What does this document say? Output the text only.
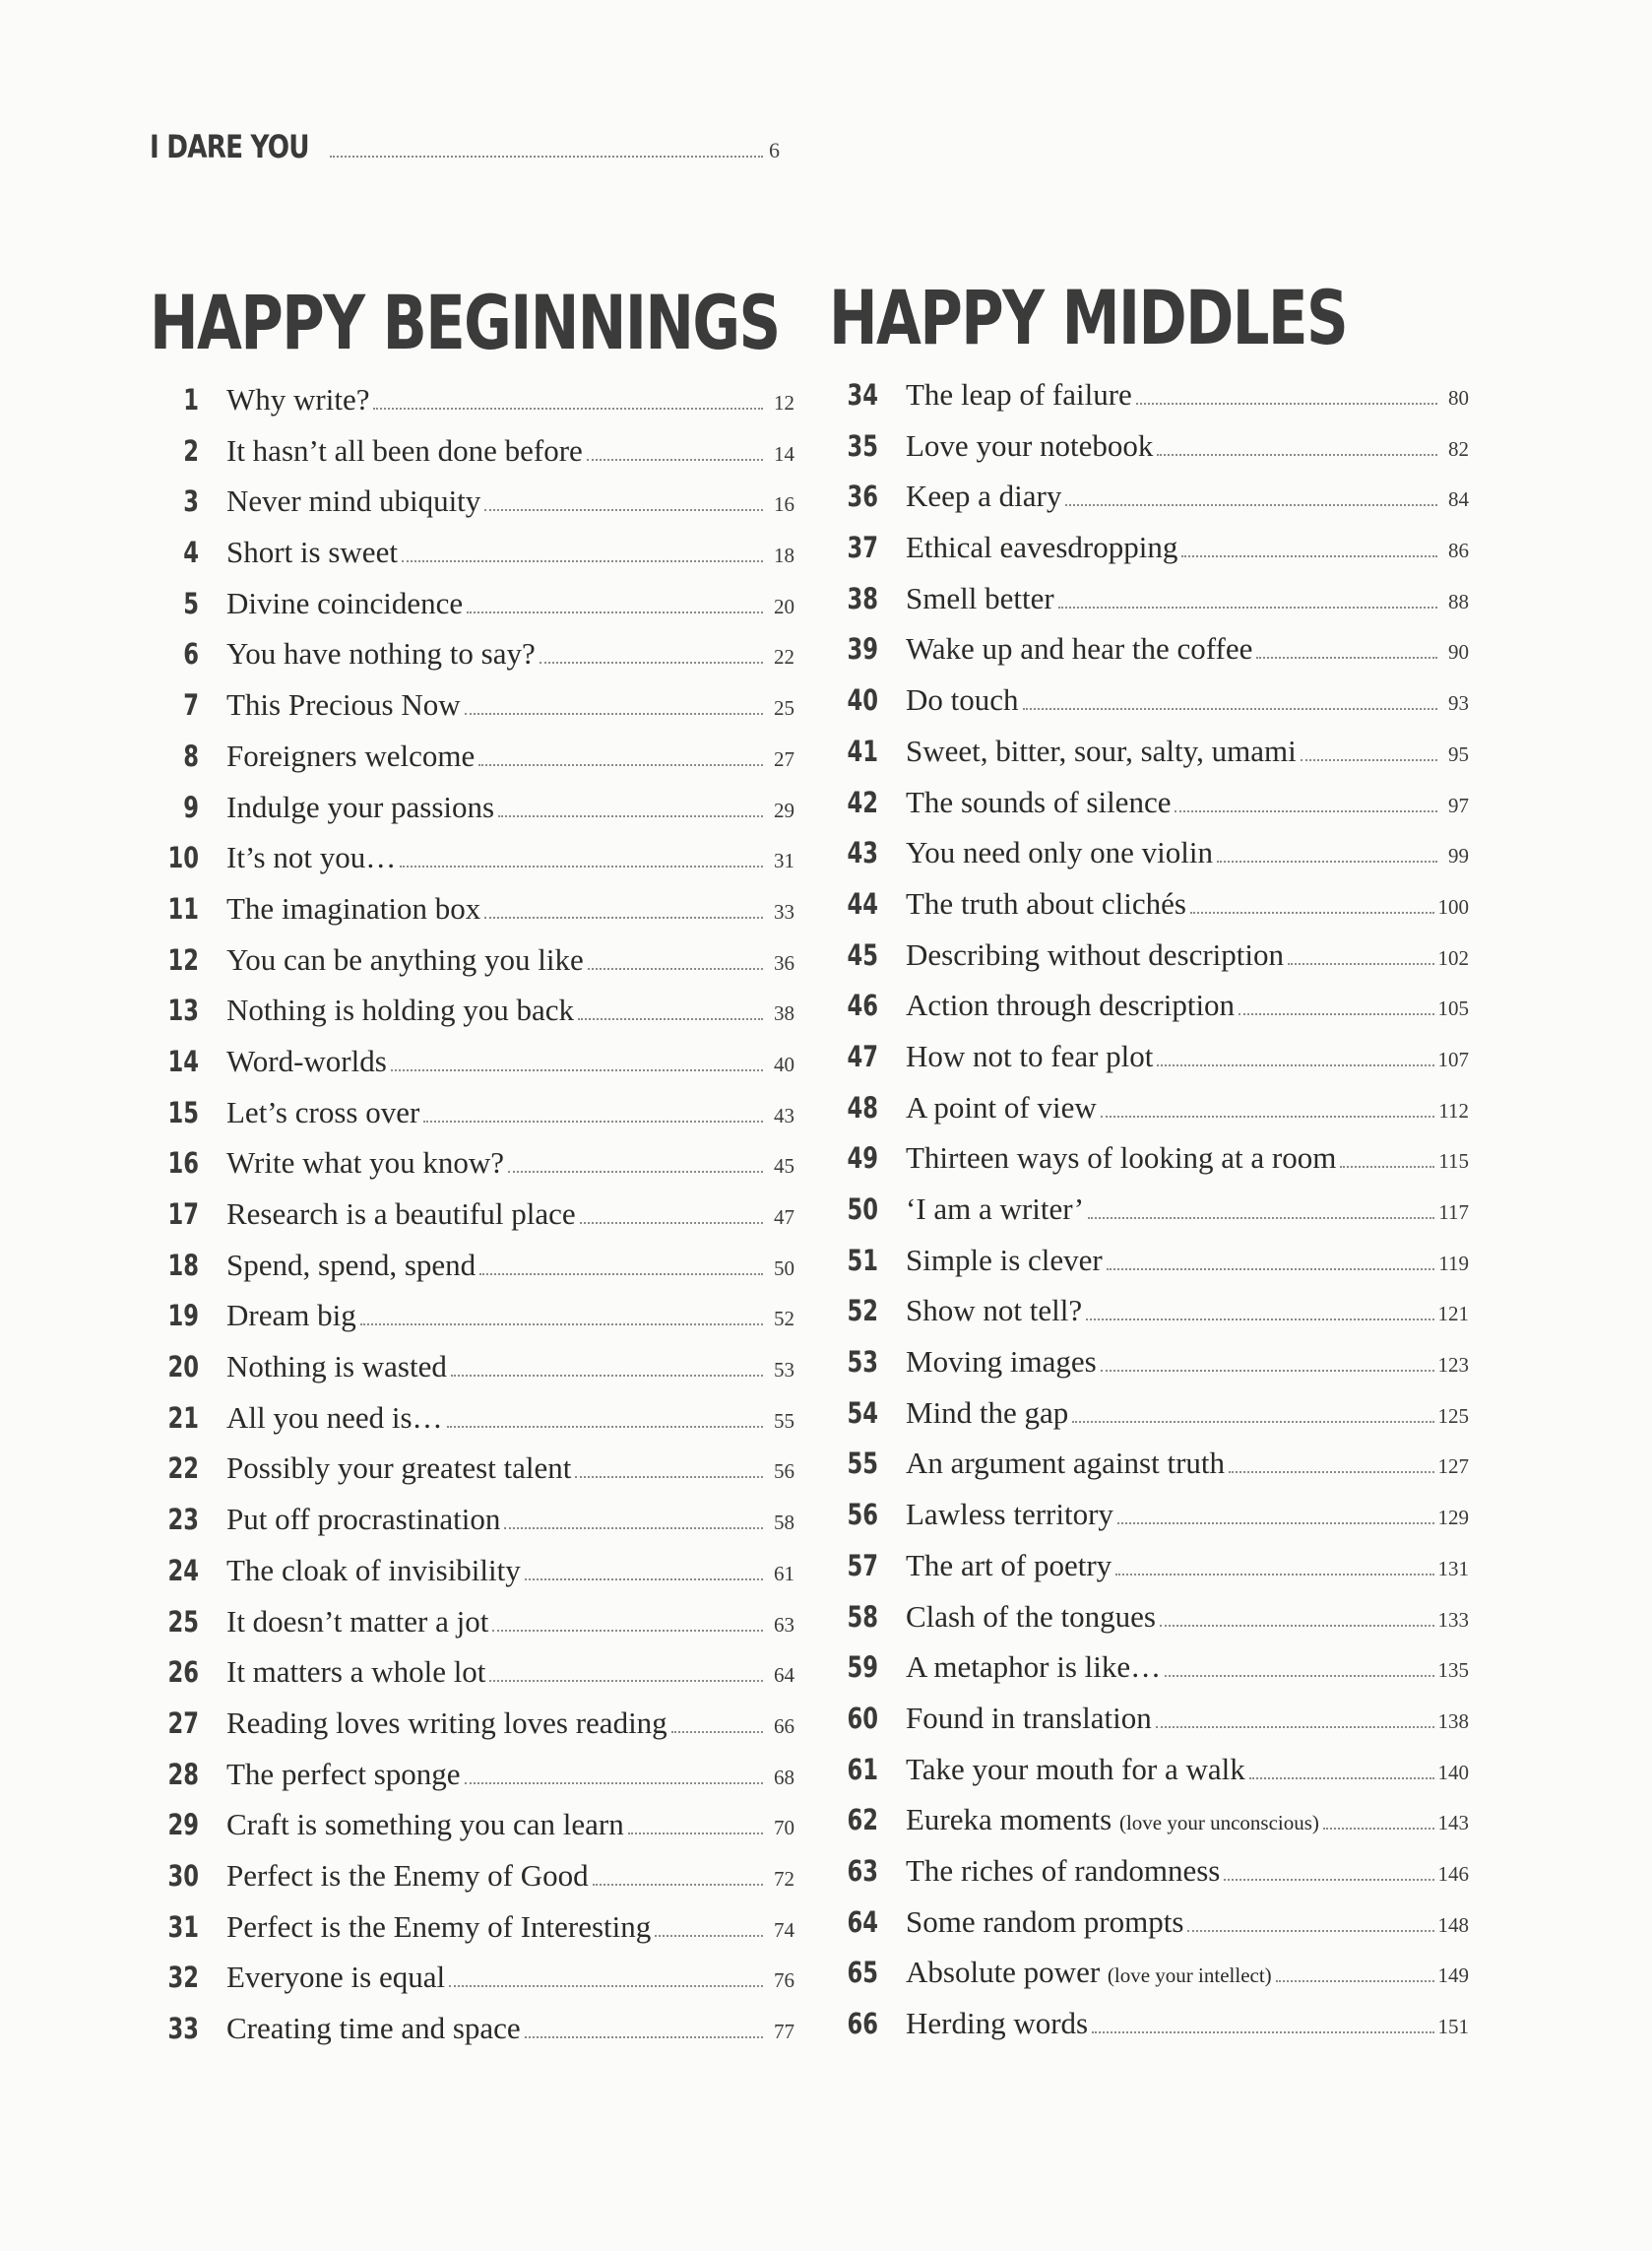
I DARE YOU	6
HAPPY BEGINNINGS
1 Why write?	12
2 It hasn’t all been done before	14
3 Never mind ubiquity	16
4 Short is sweet	18
5 Divine coincidence	20
6 You have nothing to say?	22
7 This Precious Now	25
8 Foreigners welcome	27
9 Indulge your passions	29
10 It’s not you…	31
11 The imagination box	33
12 You can be anything you like	36
13 Nothing is holding you back	38
14 Word-worlds	40
15 Let’s cross over	43
16 Write what you know?	45
17 Research is a beautiful place	47
18 Spend, spend, spend	50
19 Dream big	52
20 Nothing is wasted	53
21 All you need is…	55
22 Possibly your greatest talent	56
23 Put off procrastination	58
24 The cloak of invisibility	61
25 It doesn’t matter a jot	63
26 It matters a whole lot	64
27 Reading loves writing loves reading	66
28 The perfect sponge	68
29 Craft is something you can learn	70
30 Perfect is the Enemy of Good	72
31 Perfect is the Enemy of Interesting	74
32 Everyone is equal	76
33 Creating time and space	77
HAPPY MIDDLES
34 The leap of failure	80
35 Love your notebook	82
36 Keep a diary	84
37 Ethical eavesdropping	86
38 Smell better	88
39 Wake up and hear the coffee	90
40 Do touch	93
41 Sweet, bitter, sour, salty, umami	95
42 The sounds of silence	97
43 You need only one violin	99
44 The truth about clichés	100
45 Describing without description	102
46 Action through description	105
47 How not to fear plot	107
48 A point of view	112
49 Thirteen ways of looking at a room	115
50 ‘I am a writer’	117
51 Simple is clever	119
52 Show not tell?	121
53 Moving images	123
54 Mind the gap	125
55 An argument against truth	127
56 Lawless territory	129
57 The art of poetry	131
58 Clash of the tongues	133
59 A metaphor is like…	135
60 Found in translation	138
61 Take your mouth for a walk	140
62 Eureka moments (love your unconscious)	143
63 The riches of randomness	146
64 Some random prompts	148
65 Absolute power (love your intellect)	149
66 Herding words	151
